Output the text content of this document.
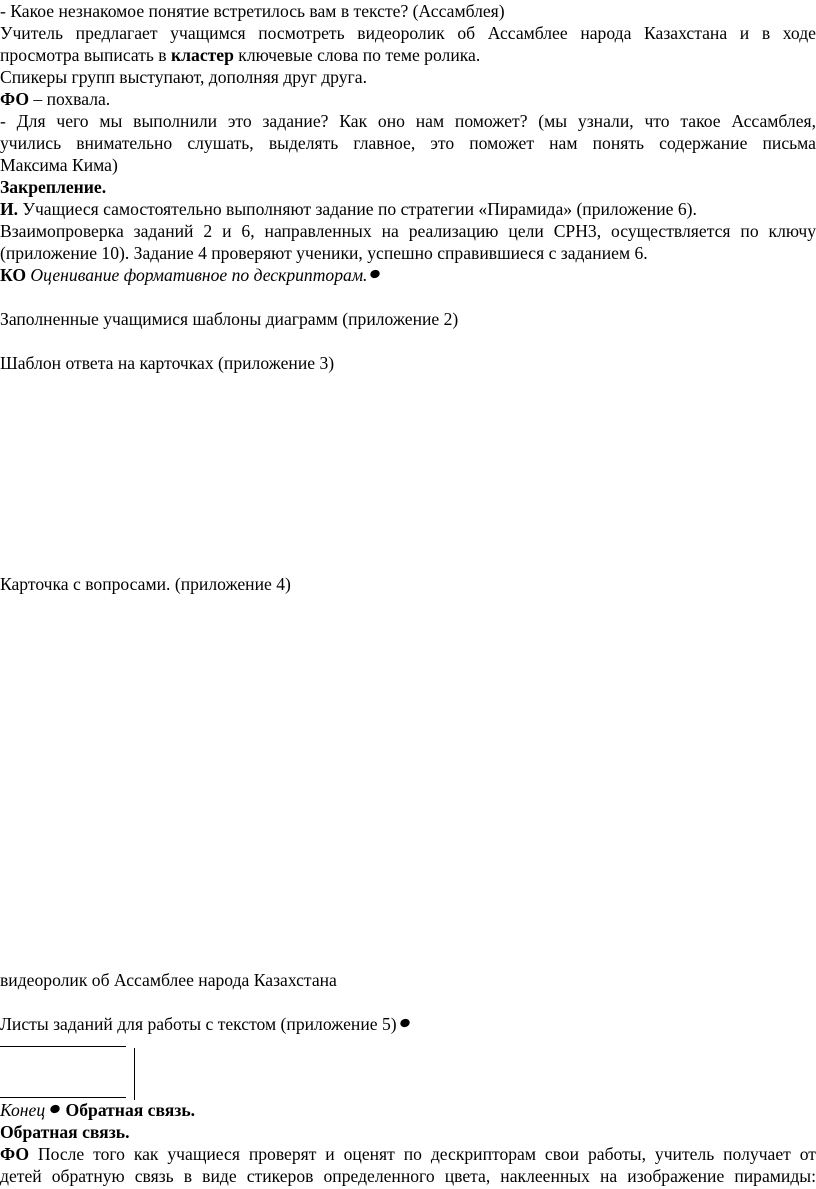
- Какое незнакомое понятие встретилось вам в тексте? (Ассамблея)
Учитель предлагает учащимся посмотреть видеоролик об Ассамблее народа Казахстана и в ходе
просмотра выписать в кластер ключевые слова по теме ролика.
Спикеры групп выступают, дополняя друг друга.
ФО – похвала.
- Для чего мы выполнили это задание? Как оно нам поможет? (мы узнали, что такое Ассамблея,
учились внимательно слушать, выделять главное, это поможет нам понять содержание письма
Максима Кима)
Закрепление.
И. Учащиеся самостоятельно выполняют задание по стратегии «Пирамида» (приложение 6).
Взаимопроверка заданий 2 и 6, направленных на реализацию цели СРН3, осуществляется по ключу
(приложение 10). Задание 4 проверяют ученики, успешно справившиеся с заданием 6.
КО Оценивание формативное по дескрипторам.
Заполненные учащимися шаблоны диаграмм (приложение 2)
Шаблон ответа на карточках (приложение 3)
Карточка с вопросами. (приложение 4)
видеоролик об Ассамблее народа Казахстана
Листы заданий для работы с текстом (приложение 5)
Конец Обратная связь.
Обратная связь.
ФО После того как учащиеся проверят и оценят по дескрипторам свои работы, учитель получает от
детей обратную связь в виде стикеров определенного цвета, наклеенных на изображение пирамиды:
